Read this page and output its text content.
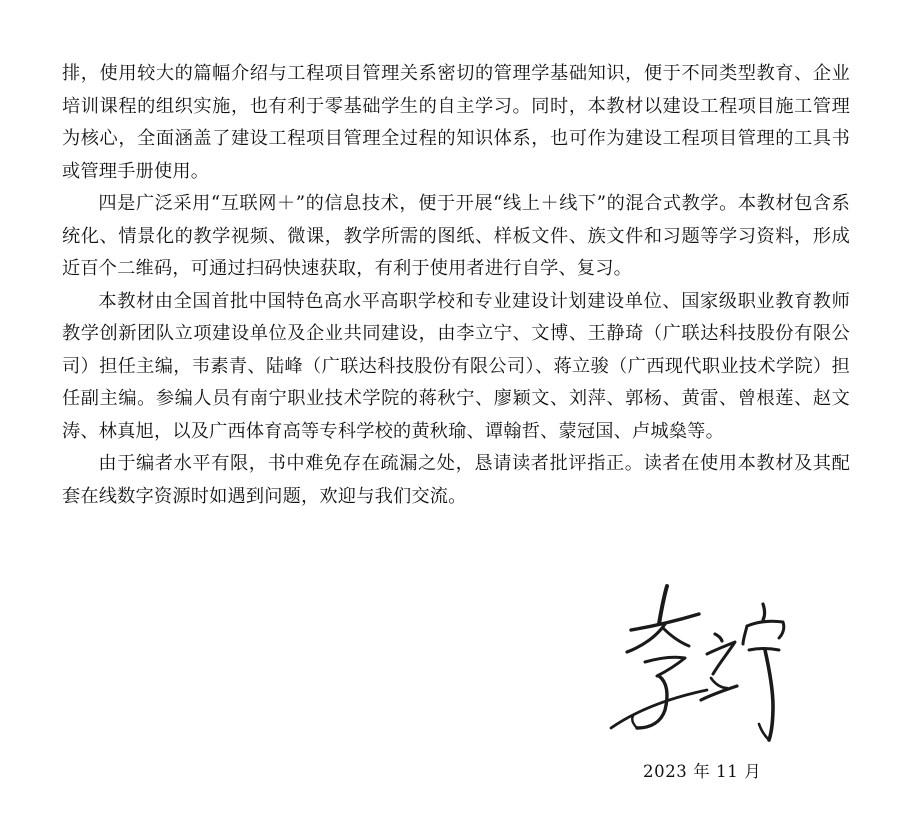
排，使用较大的篇幅介绍与工程项目管理关系密切的管理学基础知识，便于不同类型教育、企业培训课程的组织实施，也有利于零基础学生的自主学习。同时，本教材以建设工程项目施工管理为核心，全面涵盖了建设工程项目管理全过程的知识体系，也可作为建设工程项目管理的工具书或管理手册使用。

四是广泛采用“互联网＋”的信息技术，便于开展“线上＋线下”的混合式教学。本教材包含系统化、情景化的教学视频、微课，教学所需的图纸、样板文件、族文件和习题等学习资料，形成近百个二维码，可通过扫码快速获取，有利于使用者进行自学、复习。

本教材由全国首批中国特色高水平高职学校和专业建设计划建设单位、国家级职业教育教师教学创新团队立项建设单位及企业共同建设，由李立宁、文博、王静琦（广联达科技股份有限公司）担任主编，韦素青、陆峰（广联达科技股份有限公司）、蒋立骏（广西现代职业技术学院）担任副主编。参编人员有南宁职业技术学院的蒋秋宁、廖颖文、刘萍、郭杨、黄雷、曾根莲、赵文涛、林真旭，以及广西体育高等专科学校的黄秋瑜、谭翰哲、蒙冠国、卢城燊等。

由于编者水平有限，书中难免存在疏漏之处，恳请读者批评指正。读者在使用本教材及其配套在线数字资源时如遇到问题，欢迎与我们交流。

2023 年 11 月
